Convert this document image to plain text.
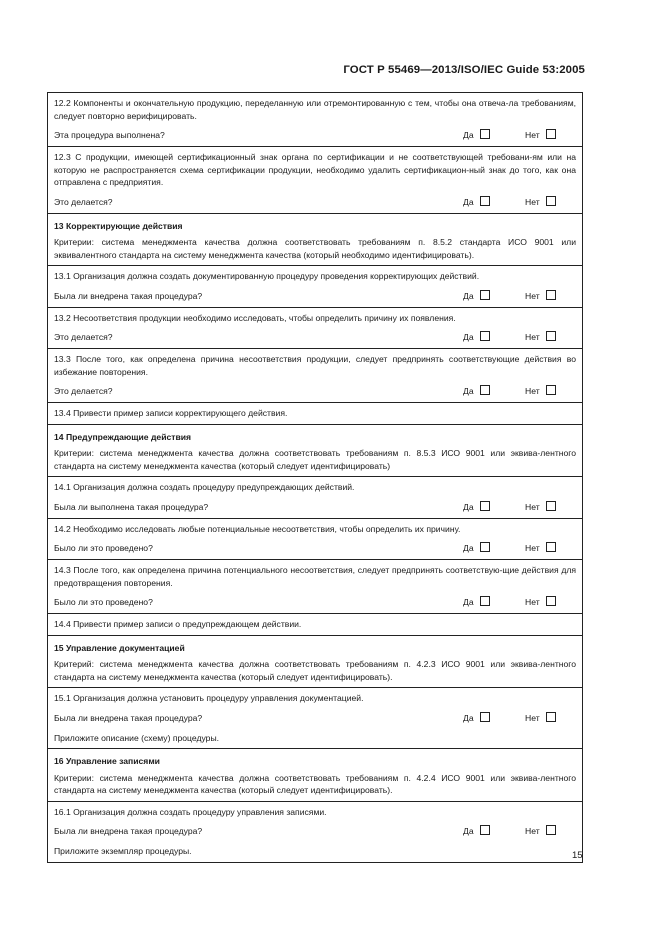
ГОСТ Р 55469—2013/ISO/IEC Guide 53:2005
12.2 Компоненты и окончательную продукцию, переделанную или отремонтированную с тем, чтобы она отвеча-ла требованиям, следует повторно верифицировать.
Эта процедура выполнена?	Да	Нет
12.3 С продукции, имеющей сертификационный знак органа по сертификации и не соответствующей требовани-ям или на которую не распространяется схема сертификации продукции, необходимо удалить сертификацион-ный знак до того, как она отправлена с предприятия.
Это делается?	Да	Нет
13 Корректирующие действия
Критерии: система менеджмента качества должна соответствовать требованиям п. 8.5.2 стандарта ИСО 9001 или эквивалентного стандарта на систему менеджмента качества (который необходимо идентифицировать).
13.1 Организация должна создать документированную процедуру проведения корректирующих действий.
Была ли внедрена такая процедура?	Да	Нет
13.2 Несоответствия продукции необходимо исследовать, чтобы определить причину их появления.
Это делается?	Да	Нет
13.3 После того, как определена причина несоответствия продукции, следует предпринять соответствующие действия во избежание повторения.
Это делается?	Да	Нет
13.4 Привести пример записи корректирующего действия.
14 Предупреждающие действия
Критерии: система менеджмента качества должна соответствовать требованиям п. 8.5.3 ИСО 9001 или эквива-лентного стандарта на систему менеджмента качества (который следует идентифицировать)
14.1 Организация должна создать процедуру предупреждающих действий.
Была ли выполнена такая процедура?	Да	Нет
14.2 Необходимо исследовать любые потенциальные несоответствия, чтобы определить их причину.
Было ли это проведено?	Да	Нет
14.3 После того, как определена причина потенциального несоответствия, следует предпринять соответствую-щие действия для предотвращения повторения.
Было ли это проведено?	Да	Нет
14.4 Привести пример записи о предупреждающем действии.
15 Управление документацией
Критерий: система менеджмента качества должна соответствовать требованиям п. 4.2.3 ИСО 9001 или эквива-лентного стандарта на систему менеджмента качества (который следует идентифицировать).
15.1 Организация должна установить процедуру управления документацией.
Была ли внедрена такая процедура?	Да	Нет
Приложите описание (схему) процедуры.
16 Управление записями
Критерии: система менеджмента качества должна соответствовать требованиям п. 4.2.4 ИСО 9001 или эквива-лентного стандарта на систему менеджмента качества (который следует идентифицировать).
16.1 Организация должна создать процедуру управления записями.
Была ли внедрена такая процедура?	Да	Нет
Приложите экземпляр процедуры.	15
